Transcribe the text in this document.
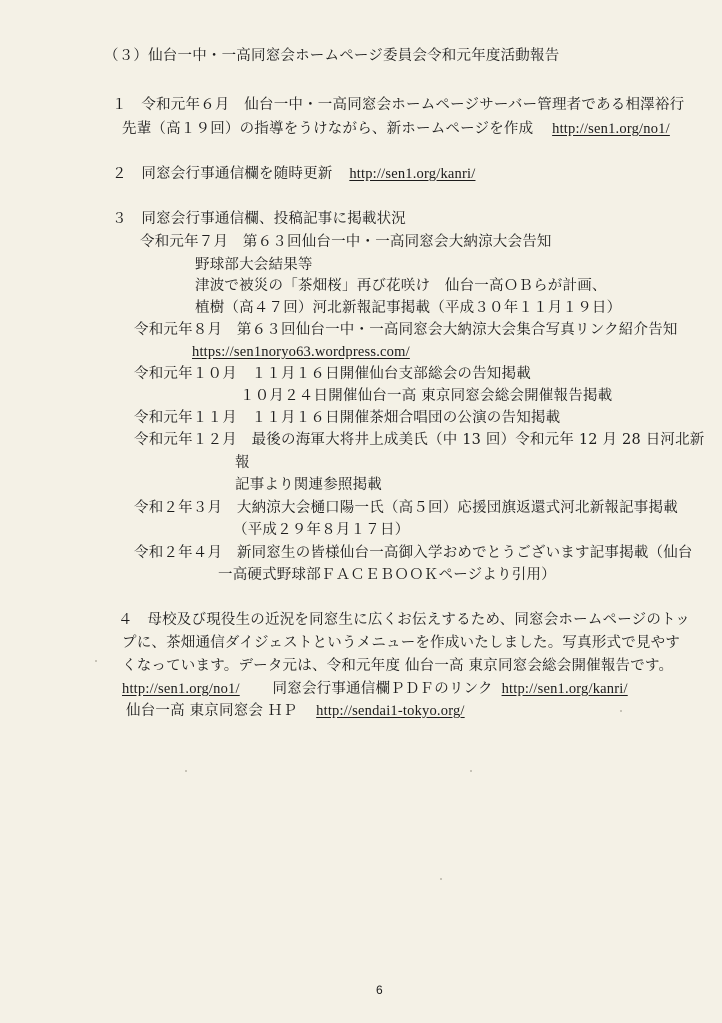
（３）仙台一中・一高同窓会ホームページ委員会令和元年度活動報告
１　令和元年６月　仙台一中・一高同窓会ホームページサーバー管理者である相澤裕行
先輩（高１９回）の指導をうけながら、新ホームページを作成 http://sen1.org/no1/
２　同窓会行事通信欄を随時更新 http://sen1.org/kanri/
３　同窓会行事通信欄、投稿記事に掲載状況
令和元年７月　第６３回仙台一中・一高同窓会大納涼大会告知
野球部大会結果等
津波で被災の「茶畑桜」再び花咲け　仙台一高ＯＢらが計画、
植樹（高４７回）河北新報記事掲載（平成３０年１１月１９日）
令和元年８月　第６３回仙台一中・一高同窓会大納涼大会集合写真リンク紹介告知
https://sen1noryo63.wordpress.com/
令和元年１０月　１１月１６日開催仙台支部総会の告知掲載
１０月２４日開催仙台一高 東京同窓会総会開催報告掲載
令和元年１１月　１１月１６日開催茶畑合唱団の公演の告知掲載
令和元年１２月　最後の海軍大将井上成美氏（中 13 回）令和元年 12 月 28 日河北新
報
記事より関連参照掲載
令和２年３月　大納涼大会樋口陽一氏（高５回）応援団旗返還式河北新報記事掲載
（平成２９年８月１７日）
令和２年４月　新同窓生の皆様仙台一高御入学おめでとうございます記事掲載（仙台
一高硬式野球部ＦＡＣＥＢＯＯＫページより引用）
４　母校及び現役生の近況を同窓生に広くお伝えするため、同窓会ホームページのトッ
プに、茶畑通信ダイジェストというメニューを作成いたしました。写真形式で見やす
くなっています。データ元は、令和元年度 仙台一高 東京同窓会総会開催報告です。
http://sen1.org/no1/ 同窓会行事通信欄ＰＤＦのリンク http://sen1.org/kanri/
仙台一高 東京同窓会 ＨＰ http://sendai1-tokyo.org/
6
